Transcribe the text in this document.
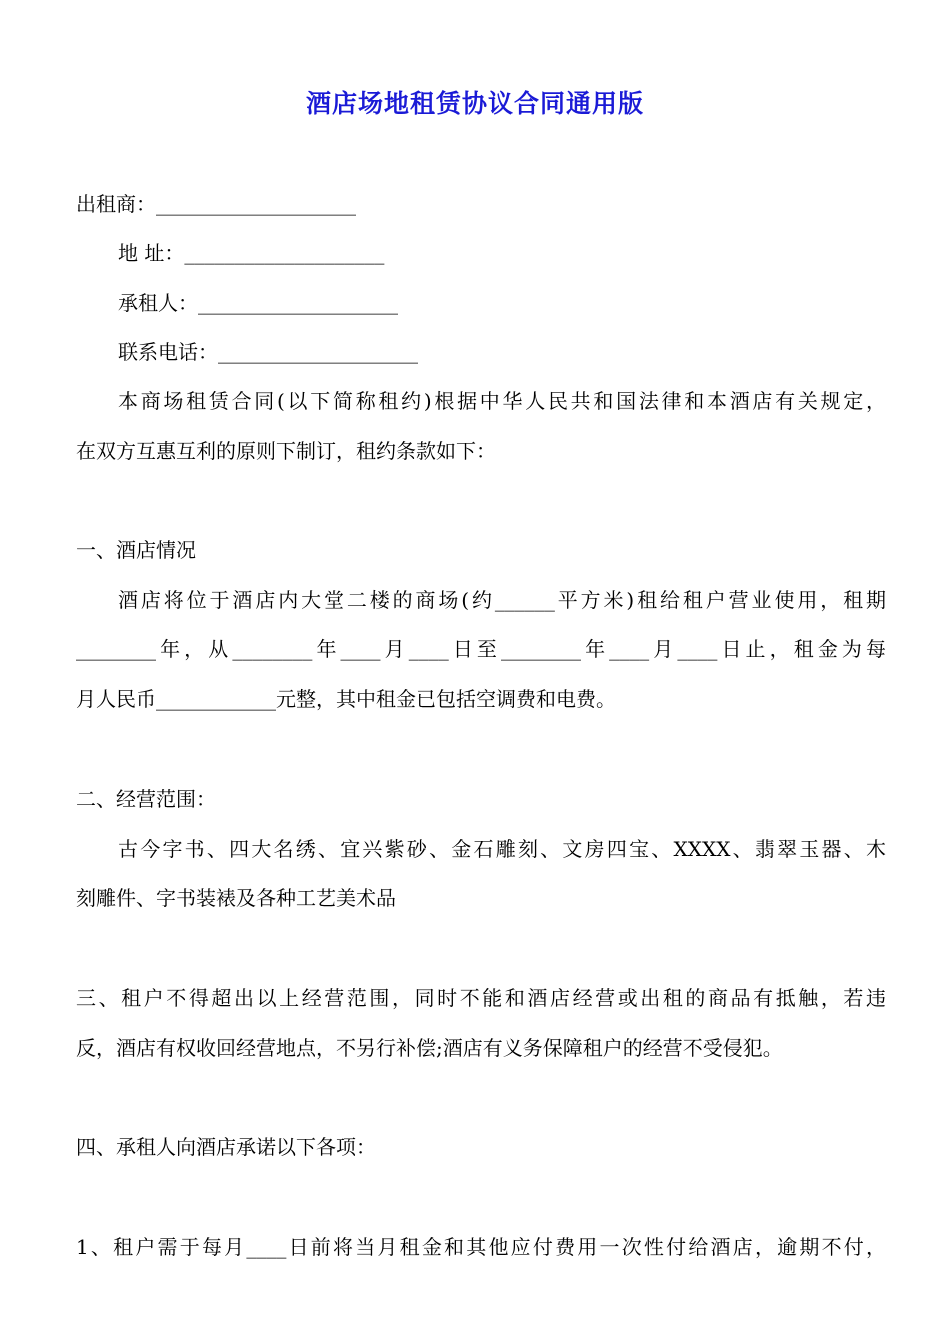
酒店场地租赁协议合同通用版
出租商：____________________
地 址：____________________
承租人：____________________
联系电话：____________________
本商场租赁合同(以下简称租约)根据中华人民共和国法律和本酒店有关规定，
在双方互惠互利的原则下制订，租约条款如下：
一、酒店情况
酒店将位于酒店内大堂二楼的商场(约______平方米)租给租户营业使用，租期
________年，从________年____月____日至________年____月____日止，租金为每
月人民币____________元整，其中租金已包括空调费和电费。
二、经营范围：
古今字书、四大名绣、宜兴紫砂、金石雕刻、文房四宝、XXXX、翡翠玉器、木
刻雕件、字书装裱及各种工艺美术品
三、租户不得超出以上经营范围，同时不能和酒店经营或出租的商品有抵触，若违
反，酒店有权收回经营地点，不另行补偿;酒店有义务保障租户的经营不受侵犯。
四、承租人向酒店承诺以下各项：
1、租户需于每月____日前将当月租金和其他应付费用一次性付给酒店，逾期不付，
